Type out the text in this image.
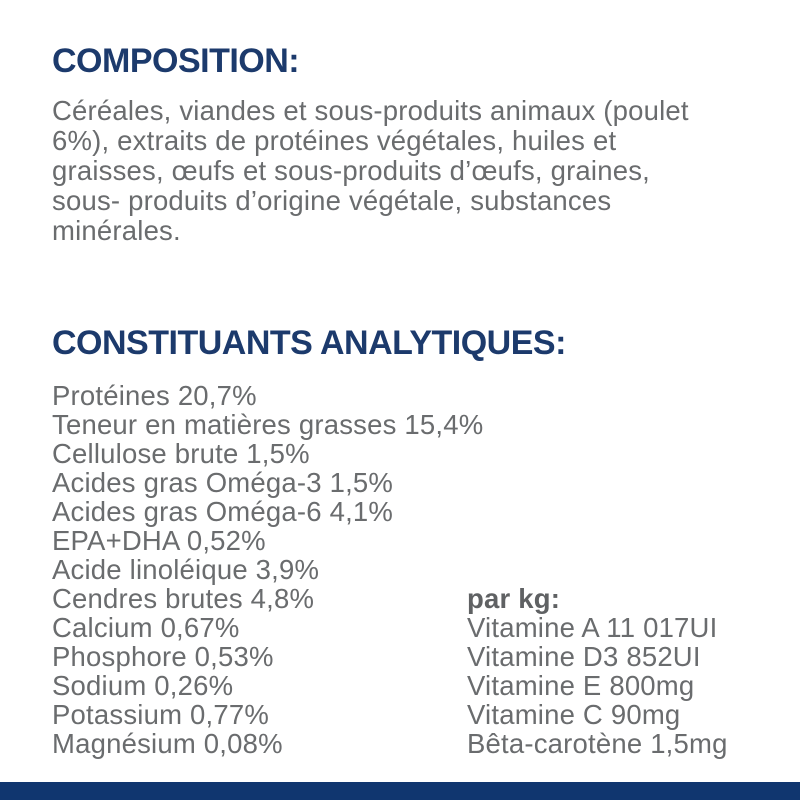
COMPOSITION:
Céréales, viandes et sous-produits animaux (poulet
6%), extraits de protéines végétales, huiles et
graisses, œufs et sous-produits d’œufs, graines,
sous- produits d’origine végétale, substances
minérales.
CONSTITUANTS ANALYTIQUES:
Protéines 20,7%
Teneur en matières grasses 15,4%
Cellulose brute 1,5%
Acides gras Oméga-3 1,5%
Acides gras Oméga-6 4,1%
EPA+DHA 0,52%
Acide linoléique 3,9%
Cendres brutes 4,8%
Calcium 0,67%
Phosphore 0,53%
Sodium 0,26%
Potassium 0,77%
Magnésium 0,08%
par kg:
Vitamine A 11 017UI
Vitamine D3 852UI
Vitamine E 800mg
Vitamine C 90mg
Bêta-carotène 1,5mg
